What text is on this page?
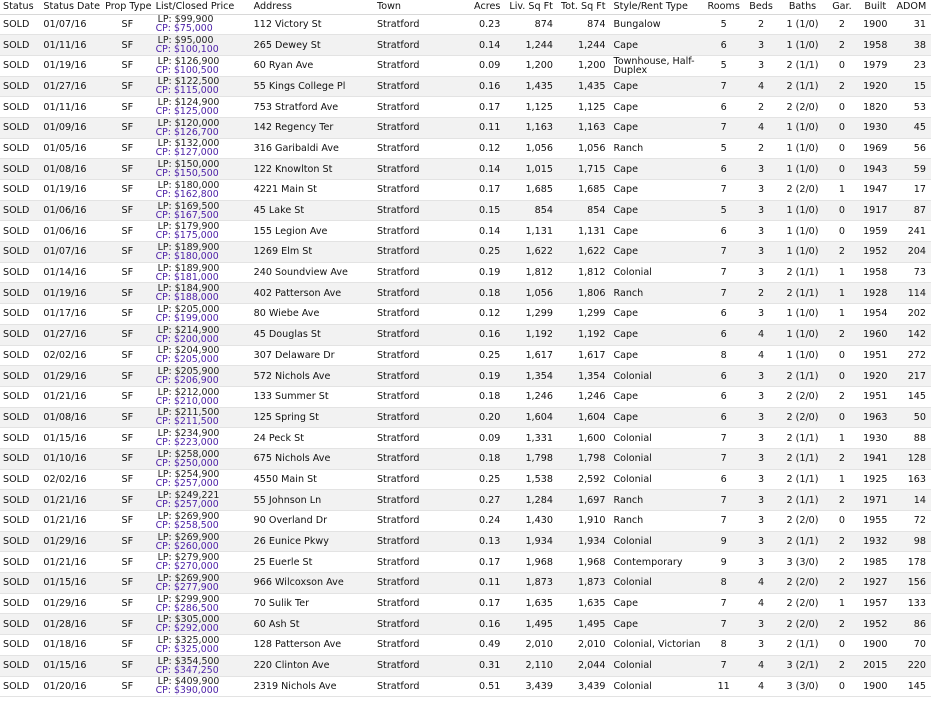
Status	Status Date	Prop Type	List/Closed Price	Address	Town	Acres	Liv. Sq Ft	Tot. Sq Ft	Style/Rent Type	Rooms	Beds	Baths	Gar.	Built	ADOM
SOLD	01/07/16	SF	LP: $99,900
CP: $75,000	112 Victory St	Stratford	0.23	874	874	Bungalow	5	2	1 (1/0)	2	1900	31
SOLD	01/11/16	SF	LP: $95,000
CP: $100,100	265 Dewey St	Stratford	0.14	1,244	1,244	Cape	6	3	1 (1/0)	2	1958	38
SOLD	01/19/16	SF	LP: $126,900
CP: $100,500	60 Ryan Ave	Stratford	0.09	1,200	1,200	Townhouse, Half-Duplex	5	3	2 (1/1)	0	1979	23
SOLD	01/27/16	SF	LP: $122,500
CP: $115,000	55 Kings College Pl	Stratford	0.16	1,435	1,435	Cape	7	4	2 (1/1)	2	1920	15
SOLD	01/11/16	SF	LP: $124,900
CP: $125,000	753 Stratford Ave	Stratford	0.17	1,125	1,125	Cape	6	2	2 (2/0)	0	1820	53
SOLD	01/09/16	SF	LP: $120,000
CP: $126,700	142 Regency Ter	Stratford	0.11	1,163	1,163	Cape	7	4	1 (1/0)	0	1930	45
SOLD	01/05/16	SF	LP: $132,000
CP: $127,000	316 Garibaldi Ave	Stratford	0.12	1,056	1,056	Ranch	5	2	1 (1/0)	0	1969	56
SOLD	01/08/16	SF	LP: $150,000
CP: $150,500	122 Knowlton St	Stratford	0.14	1,015	1,715	Cape	6	3	1 (1/0)	0	1943	59
SOLD	01/19/16	SF	LP: $180,000
CP: $162,800	4221 Main St	Stratford	0.17	1,685	1,685	Cape	7	3	2 (2/0)	1	1947	17
SOLD	01/06/16	SF	LP: $169,500
CP: $167,500	45 Lake St	Stratford	0.15	854	854	Cape	5	3	1 (1/0)	0	1917	87
SOLD	01/06/16	SF	LP: $179,900
CP: $175,000	155 Legion Ave	Stratford	0.14	1,131	1,131	Cape	6	3	1 (1/0)	0	1959	241
SOLD	01/07/16	SF	LP: $189,900
CP: $180,000	1269 Elm St	Stratford	0.25	1,622	1,622	Cape	7	3	1 (1/0)	2	1952	204
SOLD	01/14/16	SF	LP: $189,900
CP: $181,000	240 Soundview Ave	Stratford	0.19	1,812	1,812	Colonial	7	3	2 (1/1)	1	1958	73
SOLD	01/19/16	SF	LP: $184,900
CP: $188,000	402 Patterson Ave	Stratford	0.18	1,056	1,806	Ranch	7	2	2 (1/1)	1	1928	114
SOLD	01/17/16	SF	LP: $205,000
CP: $199,000	80 Wiebe Ave	Stratford	0.12	1,299	1,299	Cape	6	3	1 (1/0)	1	1954	202
SOLD	01/27/16	SF	LP: $214,900
CP: $200,000	45 Douglas St	Stratford	0.16	1,192	1,192	Cape	6	4	1 (1/0)	2	1960	142
SOLD	02/02/16	SF	LP: $204,900
CP: $205,000	307 Delaware Dr	Stratford	0.25	1,617	1,617	Cape	8	4	1 (1/0)	0	1951	272
SOLD	01/29/16	SF	LP: $205,900
CP: $206,900	572 Nichols Ave	Stratford	0.19	1,354	1,354	Colonial	6	3	2 (1/1)	0	1920	217
SOLD	01/21/16	SF	LP: $212,000
CP: $210,000	133 Summer St	Stratford	0.18	1,246	1,246	Cape	6	3	2 (2/0)	2	1951	145
SOLD	01/08/16	SF	LP: $211,500
CP: $211,500	125 Spring St	Stratford	0.20	1,604	1,604	Cape	6	3	2 (2/0)	0	1963	50
SOLD	01/15/16	SF	LP: $234,900
CP: $223,000	24 Peck St	Stratford	0.09	1,331	1,600	Colonial	7	3	2 (1/1)	1	1930	88
SOLD	01/10/16	SF	LP: $258,000
CP: $250,000	675 Nichols Ave	Stratford	0.18	1,798	1,798	Colonial	7	3	2 (1/1)	2	1941	128
SOLD	02/02/16	SF	LP: $254,900
CP: $257,000	4550 Main St	Stratford	0.25	1,538	2,592	Colonial	6	3	2 (1/1)	1	1925	163
SOLD	01/21/16	SF	LP: $249,221
CP: $257,000	55 Johnson Ln	Stratford	0.27	1,284	1,697	Ranch	7	3	2 (1/1)	2	1971	14
SOLD	01/21/16	SF	LP: $269,900
CP: $258,500	90 Overland Dr	Stratford	0.24	1,430	1,910	Ranch	7	3	2 (2/0)	0	1955	72
SOLD	01/29/16	SF	LP: $269,900
CP: $260,000	26 Eunice Pkwy	Stratford	0.13	1,934	1,934	Colonial	9	3	2 (1/1)	2	1932	98
SOLD	01/21/16	SF	LP: $279,900
CP: $270,000	25 Euerle St	Stratford	0.17	1,968	1,968	Contemporary	9	3	3 (3/0)	2	1985	178
SOLD	01/15/16	SF	LP: $269,900
CP: $277,900	966 Wilcoxson Ave	Stratford	0.11	1,873	1,873	Colonial	8	4	2 (2/0)	2	1927	156
SOLD	01/29/16	SF	LP: $299,900
CP: $286,500	70 Sulik Ter	Stratford	0.17	1,635	1,635	Cape	7	4	2 (2/0)	1	1957	133
SOLD	01/28/16	SF	LP: $305,000
CP: $292,000	60 Ash St	Stratford	0.16	1,495	1,495	Cape	7	3	2 (2/0)	2	1952	86
SOLD	01/18/16	SF	LP: $325,000
CP: $325,000	128 Patterson Ave	Stratford	0.49	2,010	2,010	Colonial, Victorian	8	3	2 (1/1)	0	1900	70
SOLD	01/15/16	SF	LP: $354,500
CP: $347,250	220 Clinton Ave	Stratford	0.31	2,110	2,044	Colonial	7	4	3 (2/1)	2	2015	220
SOLD	01/20/16	SF	LP: $409,900
CP: $390,000	2319 Nichols Ave	Stratford	0.51	3,439	3,439	Colonial	11	4	3 (3/0)	0	1900	145
